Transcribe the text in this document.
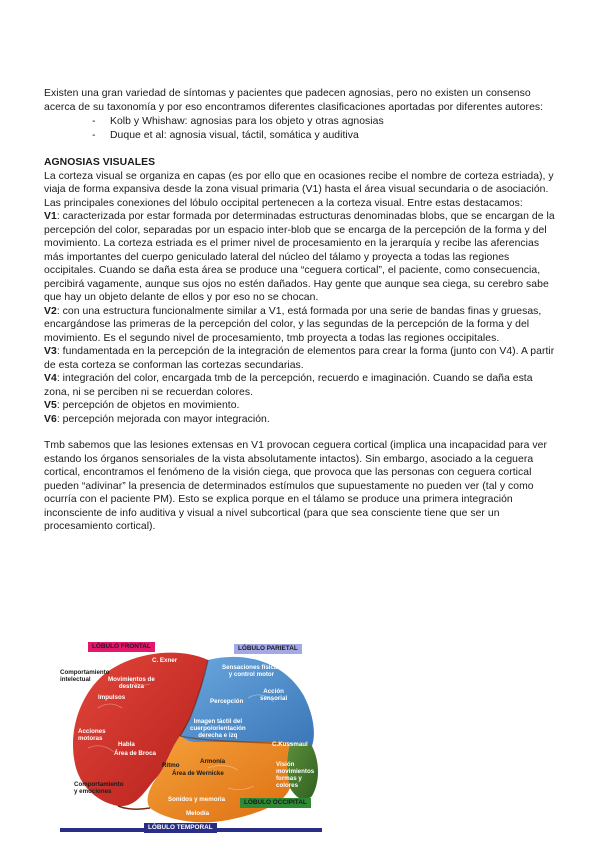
Existen una gran variedad de síntomas y pacientes que padecen agnosias, pero no existen un consenso acerca de su taxonomía y por eso encontramos diferentes clasificaciones aportadas por diferentes autores:

- Kolb y Whishaw: agnosias para los objeto y otras agnosias
- Duque et al: agnosia visual, táctil, somática y auditiva

AGNOSIAS VISUALES

La corteza visual se organiza en capas (es por ello que en ocasiones recibe el nombre de corteza estriada), y viaja de forma expansiva desde la zona visual primaria (V1) hasta el área visual secundaria o de asociación. Las principales conexiones del lóbulo occipital pertenecen a la corteza visual. Entre estas destacamos:

V1: caracterizada por estar formada por determinadas estructuras denominadas blobs, que se encargan de la percepción del color, separadas por un espacio inter-blob que se encarga de la percepción de la forma y del movimiento. La corteza estriada es el primer nivel de procesamiento en la jerarquía y recibe las aferencias más importantes del cuerpo geniculado lateral del núcleo del tálamo y proyecta a todas las regiones occipitales. Cuando se daña esta área se produce una “ceguera cortical”, el paciente, como consecuencia, percibirá vagamente, aunque sus ojos no estén dañados. Hay gente que aunque sea ciega, su cerebro sabe que hay un objeto delante de ellos y por eso no se chocan.

V2: con una estructura funcionalmente similar a V1, está formada por una serie de bandas finas y gruesas, encargándose las primeras de la percepción del color, y las segundas de la percepción de la forma y del movimiento. Es el segundo nivel de procesamiento, tmb proyecta a todas las regiones occipitales.

V3: fundamentada en la percepción de la integración de elementos para crear la forma (junto con V4). A partir de esta corteza se conforman las cortezas secundarias.

V4: integración del color, encargada tmb de la percepción, recuerdo e imaginación. Cuando se daña esta zona, ni se perciben ni se recuerdan colores.

V5: percepción de objetos en movimiento.

V6: percepción mejorada con mayor integración.

Tmb sabemos que las lesiones extensas en V1 provocan ceguera cortical (implica una incapacidad para ver estando los órganos sensoriales de la vista absolutamente intactos). Sin embargo, asociado a la ceguera cortical, encontramos el fenómeno de la visión ciega, que provoca que las personas con ceguera cortical pueden “adivinar” la presencia de determinados estímulos que supuestamente no pueden ver (tal y como ocurría con el paciente PM). Esto se explica porque en el tálamo se produce una primera integración inconsciente de info auditiva y visual a nivel subcortical (para que sea consciente tiene que ser un procesamiento cortical).

LÓBULO FRONTAL	LÓBULO PARIETAL
LÓBULO OCCIPITAL
LÓBULO TEMPORAL
C. Exner
Comportamiento
intelectual	Movimientos de
destreza
Impulsos
Acciones
motoras
Habla
Área de Broca
Comportamiento
y emociones
Sensaciones físicas
y control motor
Acción
sensorial
Percepción
Imagen táctil del
cuerpo/orientación
derecha e izq
C.Kussmaul
Ritmo
Armonía
Área de Wernicke
Visión
movimientos
formas y
colores
Sonidos y memoria
Melodía
